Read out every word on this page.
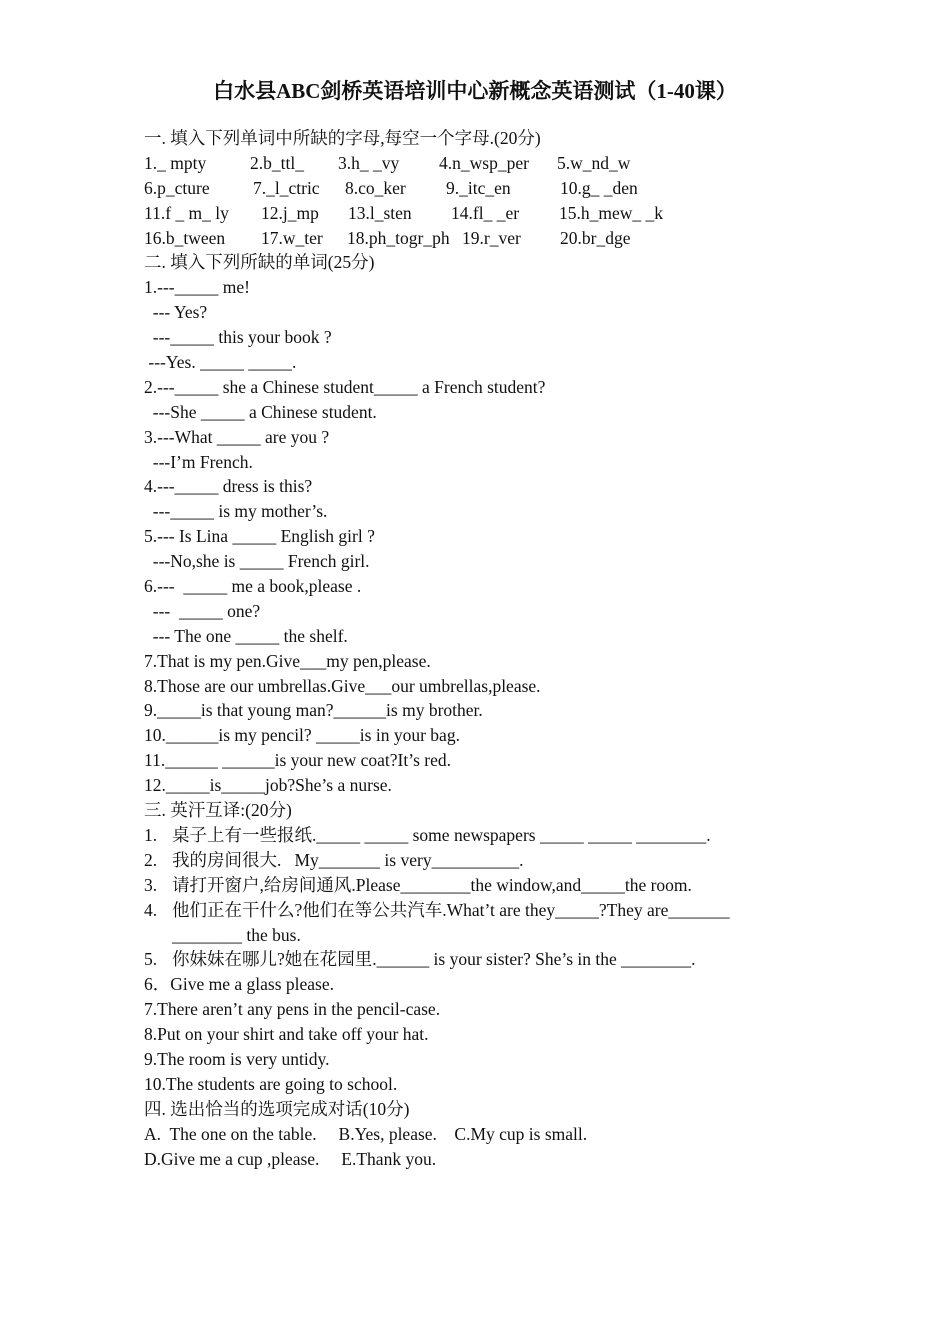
白水县ABC剑桥英语培训中心新概念英语测试（1-40课）
一. 填入下列单词中所缺的字母,每空一个字母.(20分)
1._ mpty	2.b_ttl_	3.h_ _vy	4.n_wsp_per	5.w_nd_w
6.p_cture	7._l_ctric	8.co_ker	9._itc_en	10.g_ _den
11.f _ m_ ly	12.j_mp	13.l_sten	14.fl_ _er	15.h_mew_ _k
16.b_tween	17.w_ter	18.ph_togr_ph 19.r_ver	20.br_dge
二. 填入下列所缺的单词(25分)
1.---_____ me!
--- Yes?
---_____ this your book ?
---Yes. _____ _____.
2.---_____ she a Chinese student_____ a French student?
---She _____ a Chinese student.
3.---What _____ are you ?
---I’m French.
4.---_____ dress is this?
---_____ is my mother’s.
5.--- Is Lina _____ English girl ?
---No,she is _____ French girl.
6.---  _____ me a book,please .
---  _____ one?
--- The one _____ the shelf.
7.That is my pen.Give___my pen,please.
8.Those are our umbrellas.Give___our umbrellas,please.
9._____is that young man?______is my brother.
10.______is my pencil? _____is in your bag.
11.______ ______is your new coat?It’s red.
12._____is_____job?She’s a nurse.
三. 英汗互译:(20分)
1. 桌子上有一些报纸._____ _____ some newspapers _____ _____ ________.
2. 我的房间很大.   My_______ is very__________.
3. 请打开窗户,给房间通风.Please________the window,and_____the room.
4. 他们正在干什么?他们在等公共汽车.What’t are they_____?They are_______
________ the bus.
5. 你妹妹在哪儿?她在花园里.______ is your sister? She’s in the ________.
6．Give me a glass please.
7.There aren’t any pens in the pencil-case.
8.Put on your shirt and take off your hat.
9.The room is very untidy.
10.The students are going to school.
四. 选出恰当的选项完成对话(10分)
A.  The one on the table.     B.Yes, please.    C.My cup is small.
D.Give me a cup ,please.     E.Thank you.
